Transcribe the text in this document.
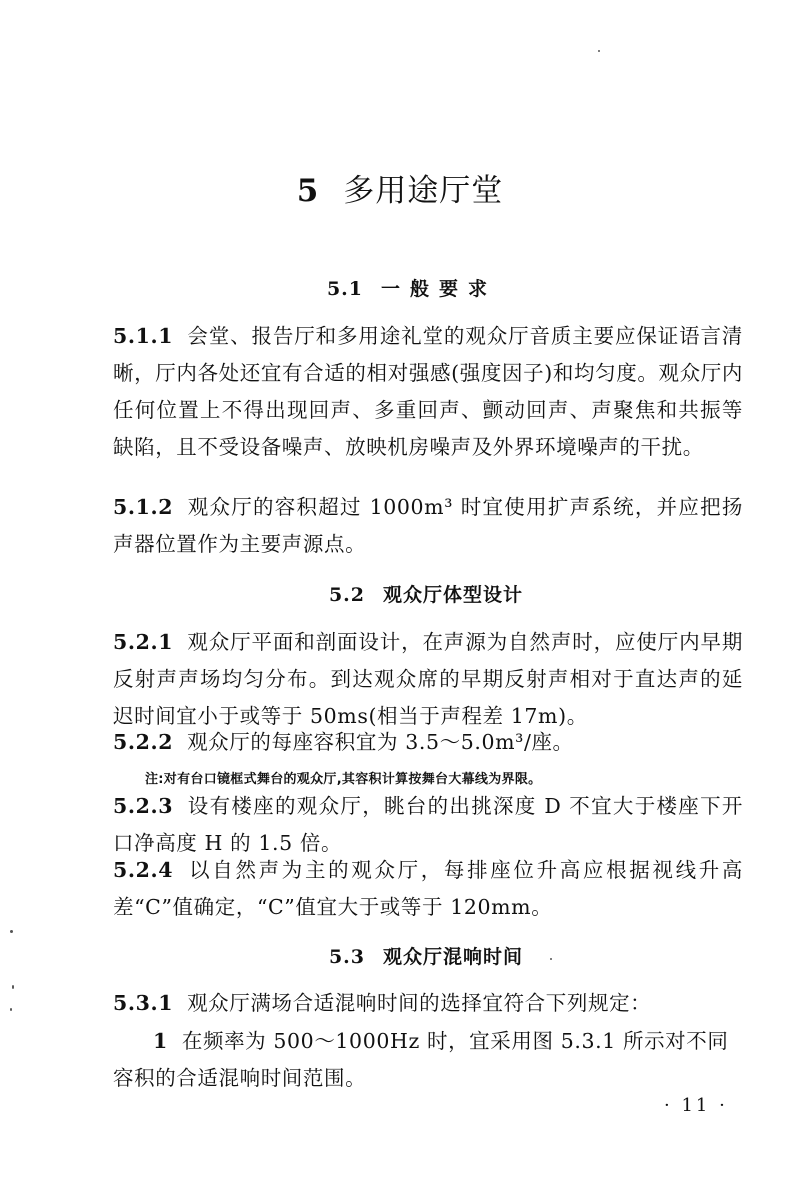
5 多用途厅堂
5.1 一般要求
5.1.1 会堂、报告厅和多用途礼堂的观众厅音质主要应保证语言清晰，厅内各处还宜有合适的相对强感(强度因子)和均匀度。观众厅内任何位置上不得出现回声、多重回声、颤动回声、声聚焦和共振等缺陷，且不受设备噪声、放映机房噪声及外界环境噪声的干扰。
5.1.2 观众厅的容积超过 1000m³ 时宜使用扩声系统，并应把扬声器位置作为主要声源点。
5.2 观众厅体型设计
5.2.1 观众厅平面和剖面设计，在声源为自然声时，应使厅内早期反射声声场均匀分布。到达观众席的早期反射声相对于直达声的延迟时间宜小于或等于 50ms(相当于声程差 17m)。
5.2.2 观众厅的每座容积宜为 3.5～5.0m³/座。
注:对有台口镜框式舞台的观众厅,其容积计算按舞台大幕线为界限。
5.2.3 设有楼座的观众厅，眺台的出挑深度 D 不宜大于楼座下开口净高度 H 的 1.5 倍。
5.2.4 以自然声为主的观众厅，每排座位升高应根据视线升高差“C”值确定，“C”值宜大于或等于 120mm。
5.3 观众厅混响时间
5.3.1 观众厅满场合适混响时间的选择宜符合下列规定：
1 在频率为 500～1000Hz 时，宜采用图 5.3.1 所示对不同容积的合适混响时间范围。
· 11 ·
